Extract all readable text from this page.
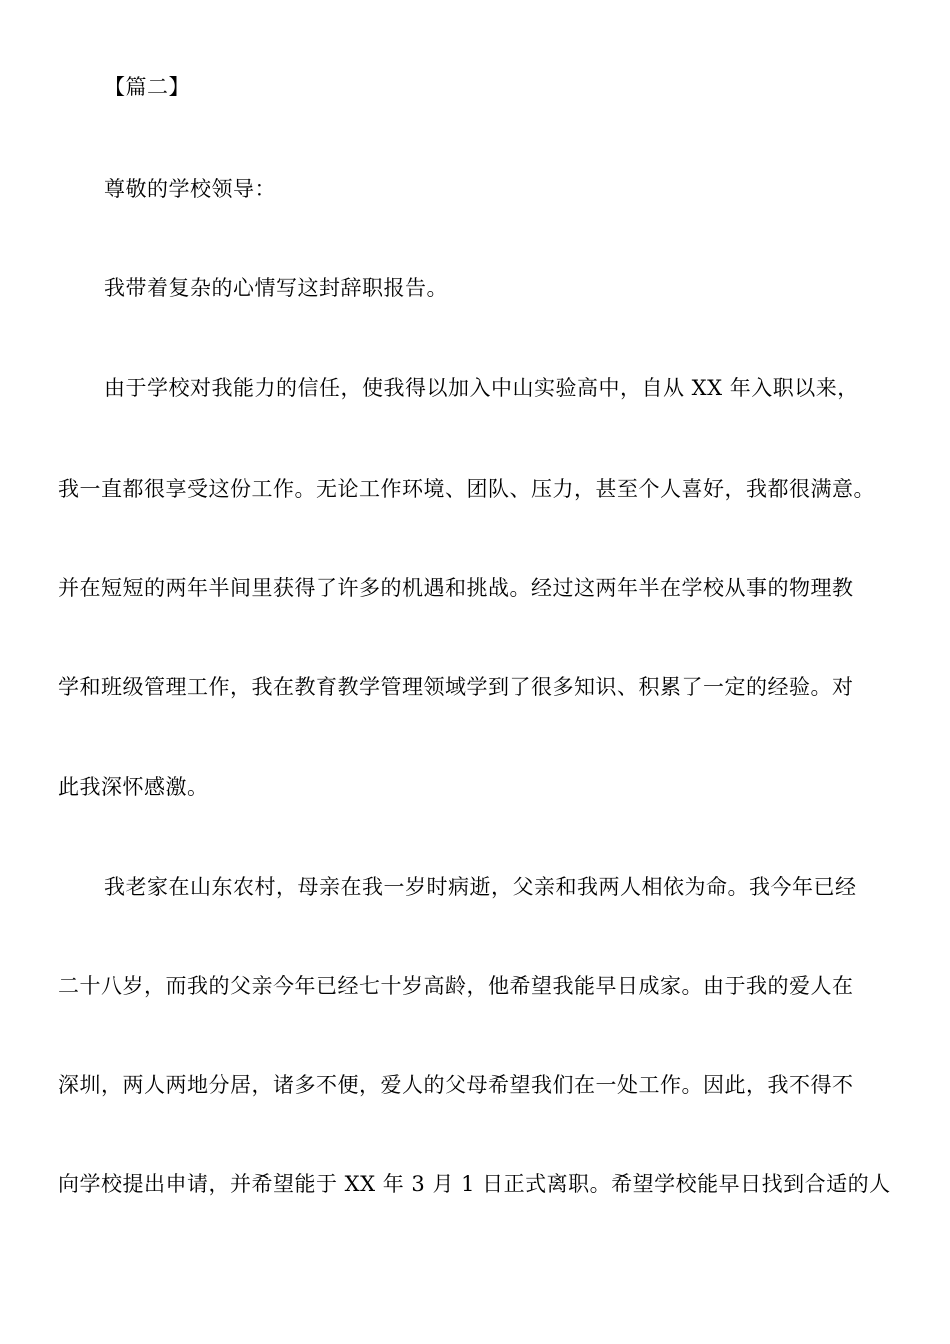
【篇二】
尊敬的学校领导：
我带着复杂的心情写这封辞职报告。
由于学校对我能力的信任，使我得以加入中山实验高中，自从 XX 年入职以来，
我一直都很享受这份工作。无论工作环境、团队、压力，甚至个人喜好，我都很满意。
并在短短的两年半间里获得了许多的机遇和挑战。经过这两年半在学校从事的物理教
学和班级管理工作，我在教育教学管理领域学到了很多知识、积累了一定的经验。对
此我深怀感激。
我老家在山东农村，母亲在我一岁时病逝，父亲和我两人相依为命。我今年已经
二十八岁，而我的父亲今年已经七十岁高龄，他希望我能早日成家。由于我的爱人在
深圳，两人两地分居，诸多不便，爱人的父母希望我们在一处工作。因此，我不得不
向学校提出申请，并希望能于 XX 年 3 月 1 日正式离职。希望学校能早日找到合适的人
